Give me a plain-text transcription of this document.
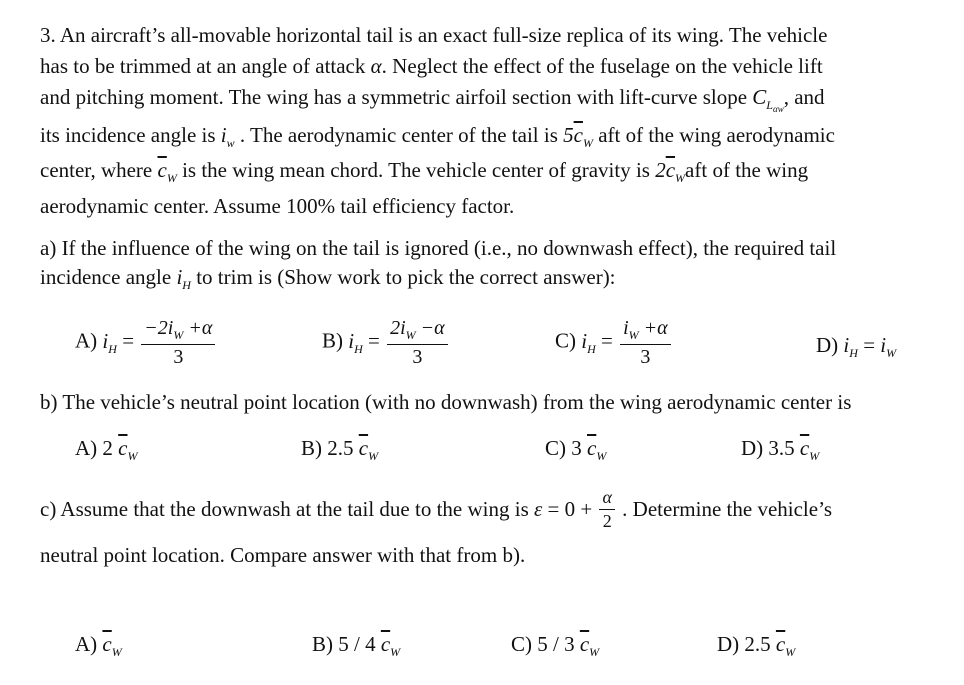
3. An aircraft’s all-movable horizontal tail is an exact full-size replica of its wing. The vehicle
has to be trimmed at an angle of attack α. Neglect the effect of the fuselage on the vehicle lift
and pitching moment. The wing has a symmetric airfoil section with lift-curve slope $C_{L_{\alpha w}}$, and
its incidence angle is $i_w$ . The aerodynamic center of the tail is $5\overline{c}_W$ aft of the wing aerodynamic
center, where $\overline{c}_W$ is the wing mean chord. The vehicle center of gravity is $2\overline{c}_Waft$ of the wing
aerodynamic center. Assume 100% tail efficiency factor.
a) If the influence of the wing on the tail is ignored (i.e., no downwash effect), the required tail
incidence angle $i_H$ to trim is (Show work to pick the correct answer):
A) $i_H = \frac{-2i_W +\alpha}{3}$	B) $i_H = \frac{2i_W -\alpha}{3}$	C) $i_H = \frac{i_W +\alpha}{3}$	D) $i_H = i_W$
b) The vehicle’s neutral point location (with no downwash) from the wing aerodynamic center is
A) 2 $\overline{c}_W$	B) 2.5 $\overline{c}_W$	C) 3 $\overline{c}_W$	D) 3.5 $\overline{c}_W$
c) Assume that the downwash at the tail due to the wing is $\varepsilon = 0 + \frac{\alpha}{2}$ . Determine the vehicle’s
neutral point location. Compare answer with that from b).
A) $\overline{c}_W$	B) 5 / 4 $\overline{c}_W$	C) 5 / 3 $\overline{c}_W$	D) 2.5 $\overline{c}_W$
